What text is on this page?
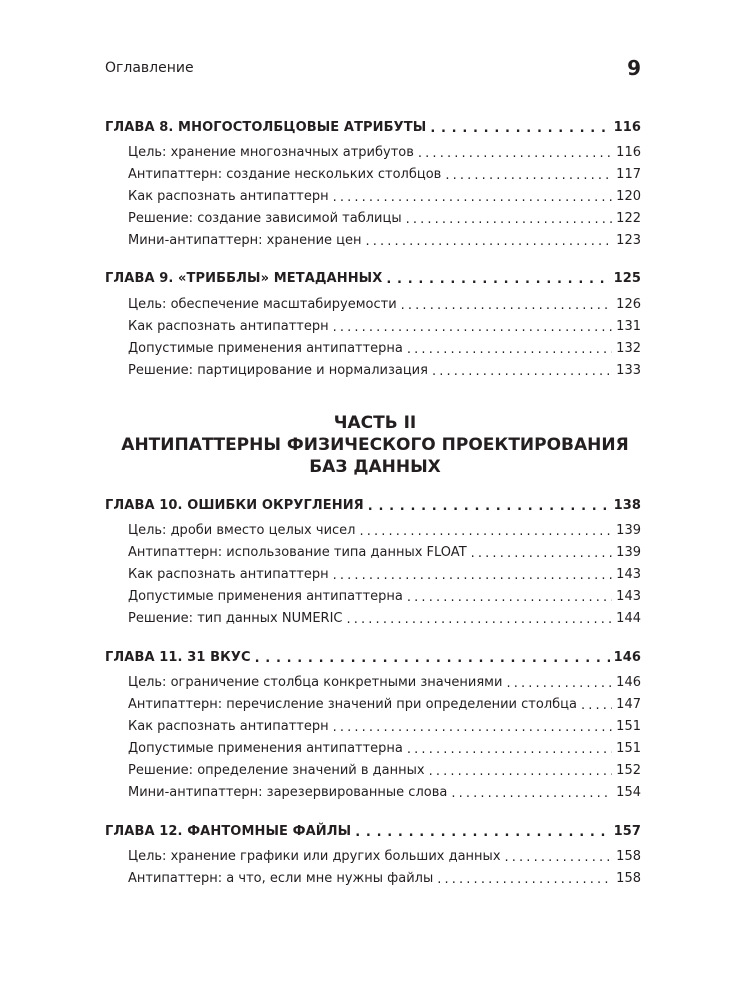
Оглавление	9
ГЛАВА 8. МНОГОСТОЛБЦОВЫЕ АТРИБУТЫ . . .	116
Цель: хранение многозначных атрибутов . . .	116
Антипаттерн: создание нескольких столбцов . . .	117
Как распознать антипаттерн . . .	120
Решение: создание зависимой таблицы . . .	122
Мини-антипаттерн: хранение цен . . .	123
ГЛАВА 9. «ТРИББЛЫ» МЕТАДАННЫХ . . .	125
Цель: обеспечение масштабируемости . . .	126
Как распознать антипаттерн . . .	131
Допустимые применения антипаттерна . . .	132
Решение: партицирование и нормализация . . .	133
ЧАСТЬ II
АНТИПАТТЕРНЫ ФИЗИЧЕСКОГО ПРОЕКТИРОВАНИЯ
БАЗ ДАННЫХ
ГЛАВА 10. ОШИБКИ ОКРУГЛЕНИЯ . . .	138
Цель: дроби вместо целых чисел . . .	139
Антипаттерн: использование типа данных FLOAT . . .	139
Как распознать антипаттерн . . .	143
Допустимые применения антипаттерна . . .	143
Решение: тип данных NUMERIC . . .	144
ГЛАВА 11. 31 ВКУС . . .	146
Цель: ограничение столбца конкретными значениями . . .	146
Антипаттерн: перечисление значений при определении столбца . . .	147
Как распознать антипаттерн . . .	151
Допустимые применения антипаттерна . . .	151
Решение: определение значений в данных . . .	152
Мини-антипаттерн: зарезервированные слова . . .	154
ГЛАВА 12. ФАНТОМНЫЕ ФАЙЛЫ . . .	157
Цель: хранение графики или других больших данных . . .	158
Антипаттерн: а что, если мне нужны файлы . . .	158
